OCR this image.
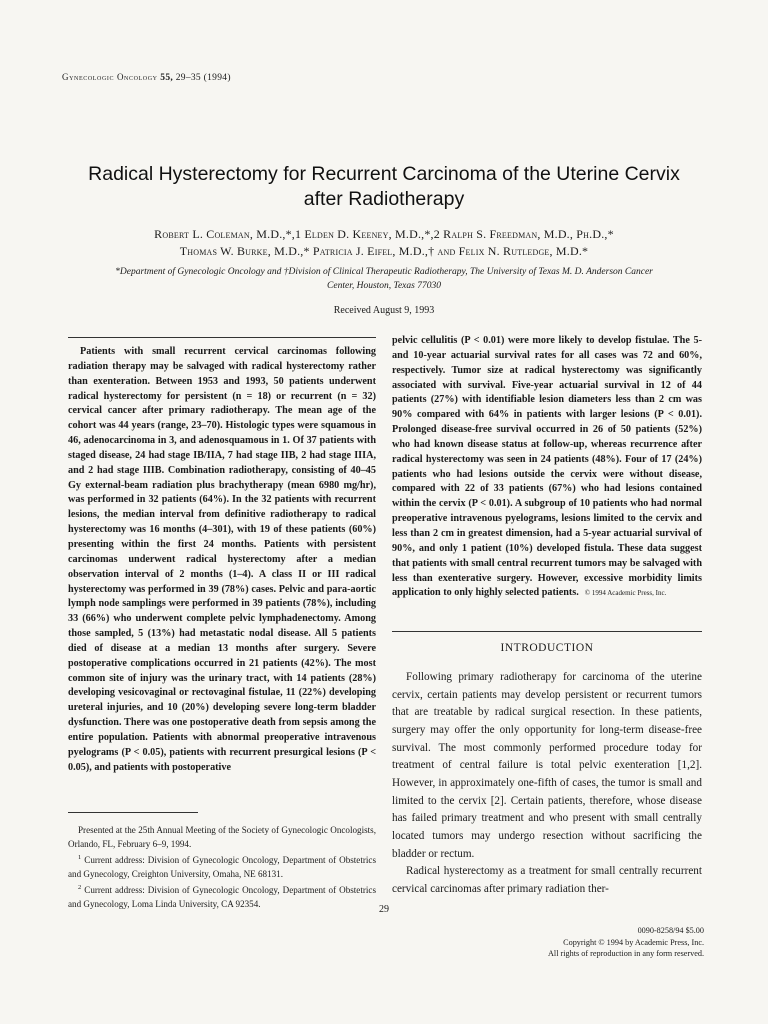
Gynecologic Oncology 55, 29–35 (1994)
Radical Hysterectomy for Recurrent Carcinoma of the Uterine Cervix
after Radiotherapy
Robert L. Coleman, M.D.,*,1 Elden D. Keeney, M.D.,*,2 Ralph S. Freedman, M.D., Ph.D.,*
Thomas W. Burke, M.D.,* Patricia J. Eifel, M.D.,† and Felix N. Rutledge, M.D.*
*Department of Gynecologic Oncology and †Division of Clinical Therapeutic Radiotherapy, The University of Texas M. D. Anderson Cancer
Center, Houston, Texas 77030
Received August 9, 1993

Patients with small recurrent cervical carcinomas following radiation therapy may be salvaged with radical hysterectomy rather than exenteration. Between 1953 and 1993, 50 patients underwent radical hysterectomy for persistent (n = 18) or recurrent (n = 32) cervical cancer after primary radiotherapy. The mean age of the cohort was 44 years (range, 23–70). Histologic types were squamous in 46, adenocarcinoma in 3, and adenosquamous in 1. Of 37 patients with staged disease, 24 had stage IB/IIA, 7 had stage IIB, 2 had stage IIIA, and 2 had stage IIIB. Combination radiotherapy, consisting of 40–45 Gy external-beam radiation plus brachytherapy (mean 6980 mg/hr), was performed in 32 patients (64%). In the 32 patients with recurrent lesions, the median interval from definitive radiotherapy to radical hysterectomy was 16 months (4–301), with 19 of these patients (60%) presenting within the first 24 months. Patients with persistent carcinomas underwent radical hysterectomy after a median observation interval of 2 months (1–4). A class II or III radical hysterectomy was performed in 39 (78%) cases. Pelvic and para-aortic lymph node samplings were performed in 39 patients (78%), including 33 (66%) who underwent complete pelvic lymphadenectomy. Among those sampled, 5 (13%) had metastatic nodal disease. All 5 patients died of disease at a median 13 months after surgery. Severe postoperative complications occurred in 21 patients (42%). The most common site of injury was the urinary tract, with 14 patients (28%) developing vesicovaginal or rectovaginal fistulae, 11 (22%) developing ureteral injuries, and 10 (20%) developing severe long-term bladder dysfunction. There was one postoperative death from sepsis among the entire population. Patients with abnormal preoperative intravenous pyelograms (P < 0.05), patients with recurrent presurgical lesions (P < 0.05), and patients with postoperative

pelvic cellulitis (P < 0.01) were more likely to develop fistulae. The 5- and 10-year actuarial survival rates for all cases was 72 and 60%, respectively. Tumor size at radical hysterectomy was significantly associated with survival. Five-year actuarial survival in 12 of 44 patients (27%) with identifiable lesion diameters less than 2 cm was 90% compared with 64% in patients with larger lesions (P < 0.01). Prolonged disease-free survival occurred in 26 of 50 patients (52%) who had known disease status at follow-up, whereas recurrence after radical hysterectomy was seen in 24 patients (48%). Four of 17 (24%) patients who had lesions outside the cervix were without disease, compared with 22 of 33 patients (67%) who had lesions contained within the cervix (P < 0.01). A subgroup of 10 patients who had normal preoperative intravenous pyelograms, lesions limited to the cervix and less than 2 cm in greatest dimension, had a 5-year actuarial survival of 90%, and only 1 patient (10%) developed fistula. These data suggest that patients with small central recurrent tumors may be salvaged with less than exenterative surgery. However, excessive morbidity limits application to only highly selected patients. © 1994 Academic Press, Inc.

INTRODUCTION

Following primary radiotherapy for carcinoma of the uterine cervix, certain patients may develop persistent or recurrent tumors that are treatable by radical surgical resection. In these patients, surgery may offer the only opportunity for long-term disease-free survival. The most commonly performed procedure today for treatment of central failure is total pelvic exenteration [1,2]. However, in approximately one-fifth of cases, the tumor is small and limited to the cervix [2]. Certain patients, therefore, whose disease has failed primary treatment and who present with small centrally located tumors may undergo resection without sacrificing the bladder or rectum.

Radical hysterectomy as a treatment for small centrally recurrent cervical carcinomas after primary radiation ther-

Presented at the 25th Annual Meeting of the Society of Gynecologic Oncologists, Orlando, FL, February 6–9, 1994.

$^1$ Current address: Division of Gynecologic Oncology, Department of Obstetrics and Gynecology, Creighton University, Omaha, NE 68131.

$^2$ Current address: Division of Gynecologic Oncology, Department of Obstetrics and Gynecology, Loma Linda University, CA 92354.	29
0090-8258/94 $5.00
Copyright © 1994 by Academic Press, Inc.
All rights of reproduction in any form reserved.
